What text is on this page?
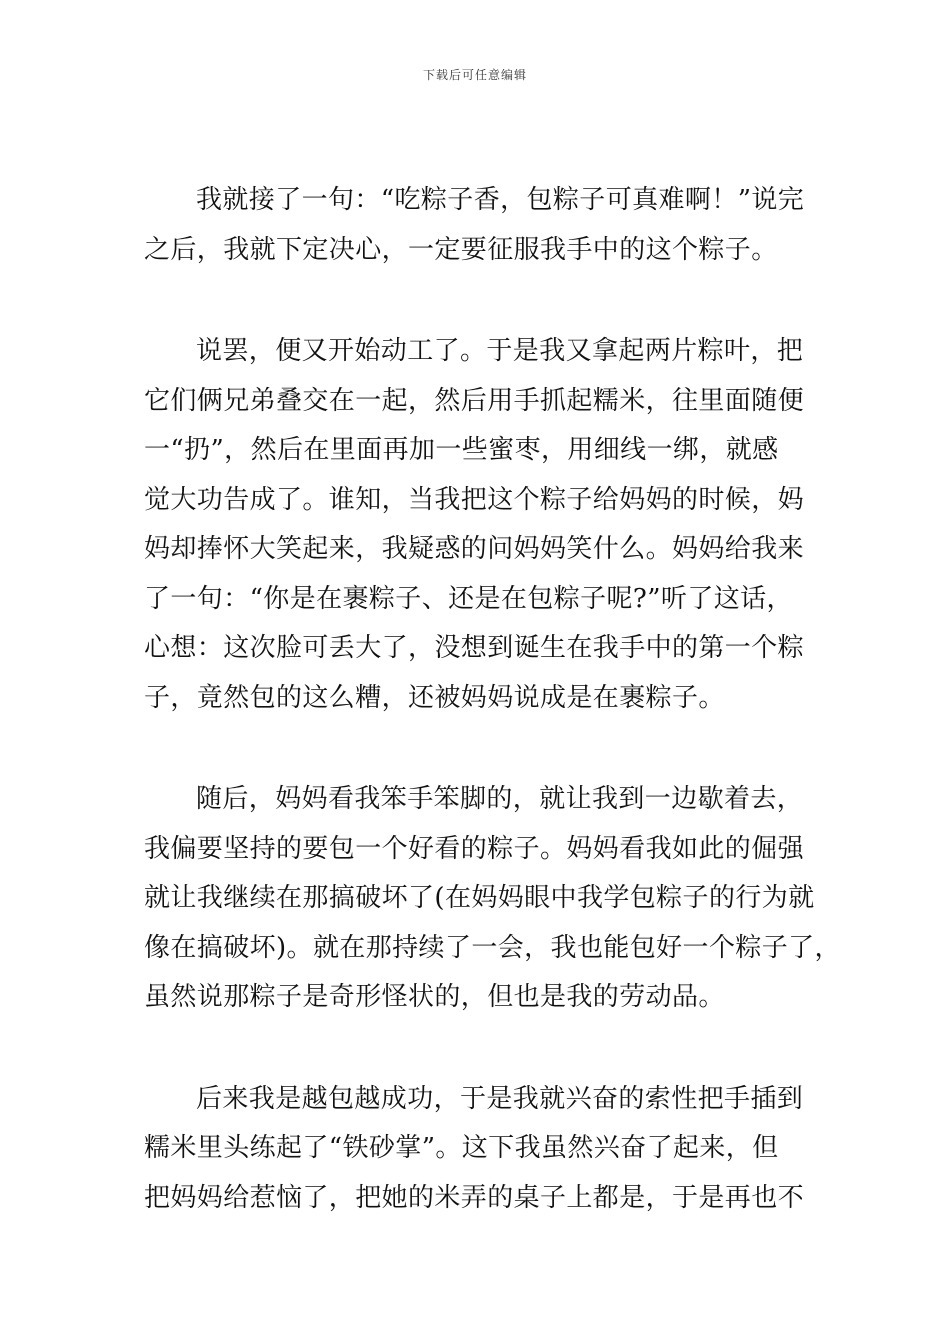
下载后可任意编辑

我就接了一句：“吃粽子香，包粽子可真难啊！”说完
之后，我就下定决心，一定要征服我手中的这个粽子。

说罢，便又开始动工了。于是我又拿起两片粽叶，把
它们俩兄弟叠交在一起，然后用手抓起糯米，往里面随便
一“扔”，然后在里面再加一些蜜枣，用细线一绑，就感
觉大功告成了。谁知，当我把这个粽子给妈妈的时候，妈
妈却捧怀大笑起来，我疑惑的问妈妈笑什么。妈妈给我来
了一句：“你是在裹粽子、还是在包粽子呢?”听了这话，
心想：这次脸可丢大了，没想到诞生在我手中的第一个粽
子，竟然包的这么糟，还被妈妈说成是在裹粽子。

随后，妈妈看我笨手笨脚的，就让我到一边歇着去，
我偏要坚持的要包一个好看的粽子。妈妈看我如此的倔强
就让我继续在那搞破坏了(在妈妈眼中我学包粽子的行为就
像在搞破坏)。就在那持续了一会，我也能包好一个粽子了，
虽然说那粽子是奇形怪状的，但也是我的劳动品。

后来我是越包越成功，于是我就兴奋的索性把手插到
糯米里头练起了“铁砂掌”。这下我虽然兴奋了起来，但
把妈妈给惹恼了，把她的米弄的桌子上都是，于是再也不
